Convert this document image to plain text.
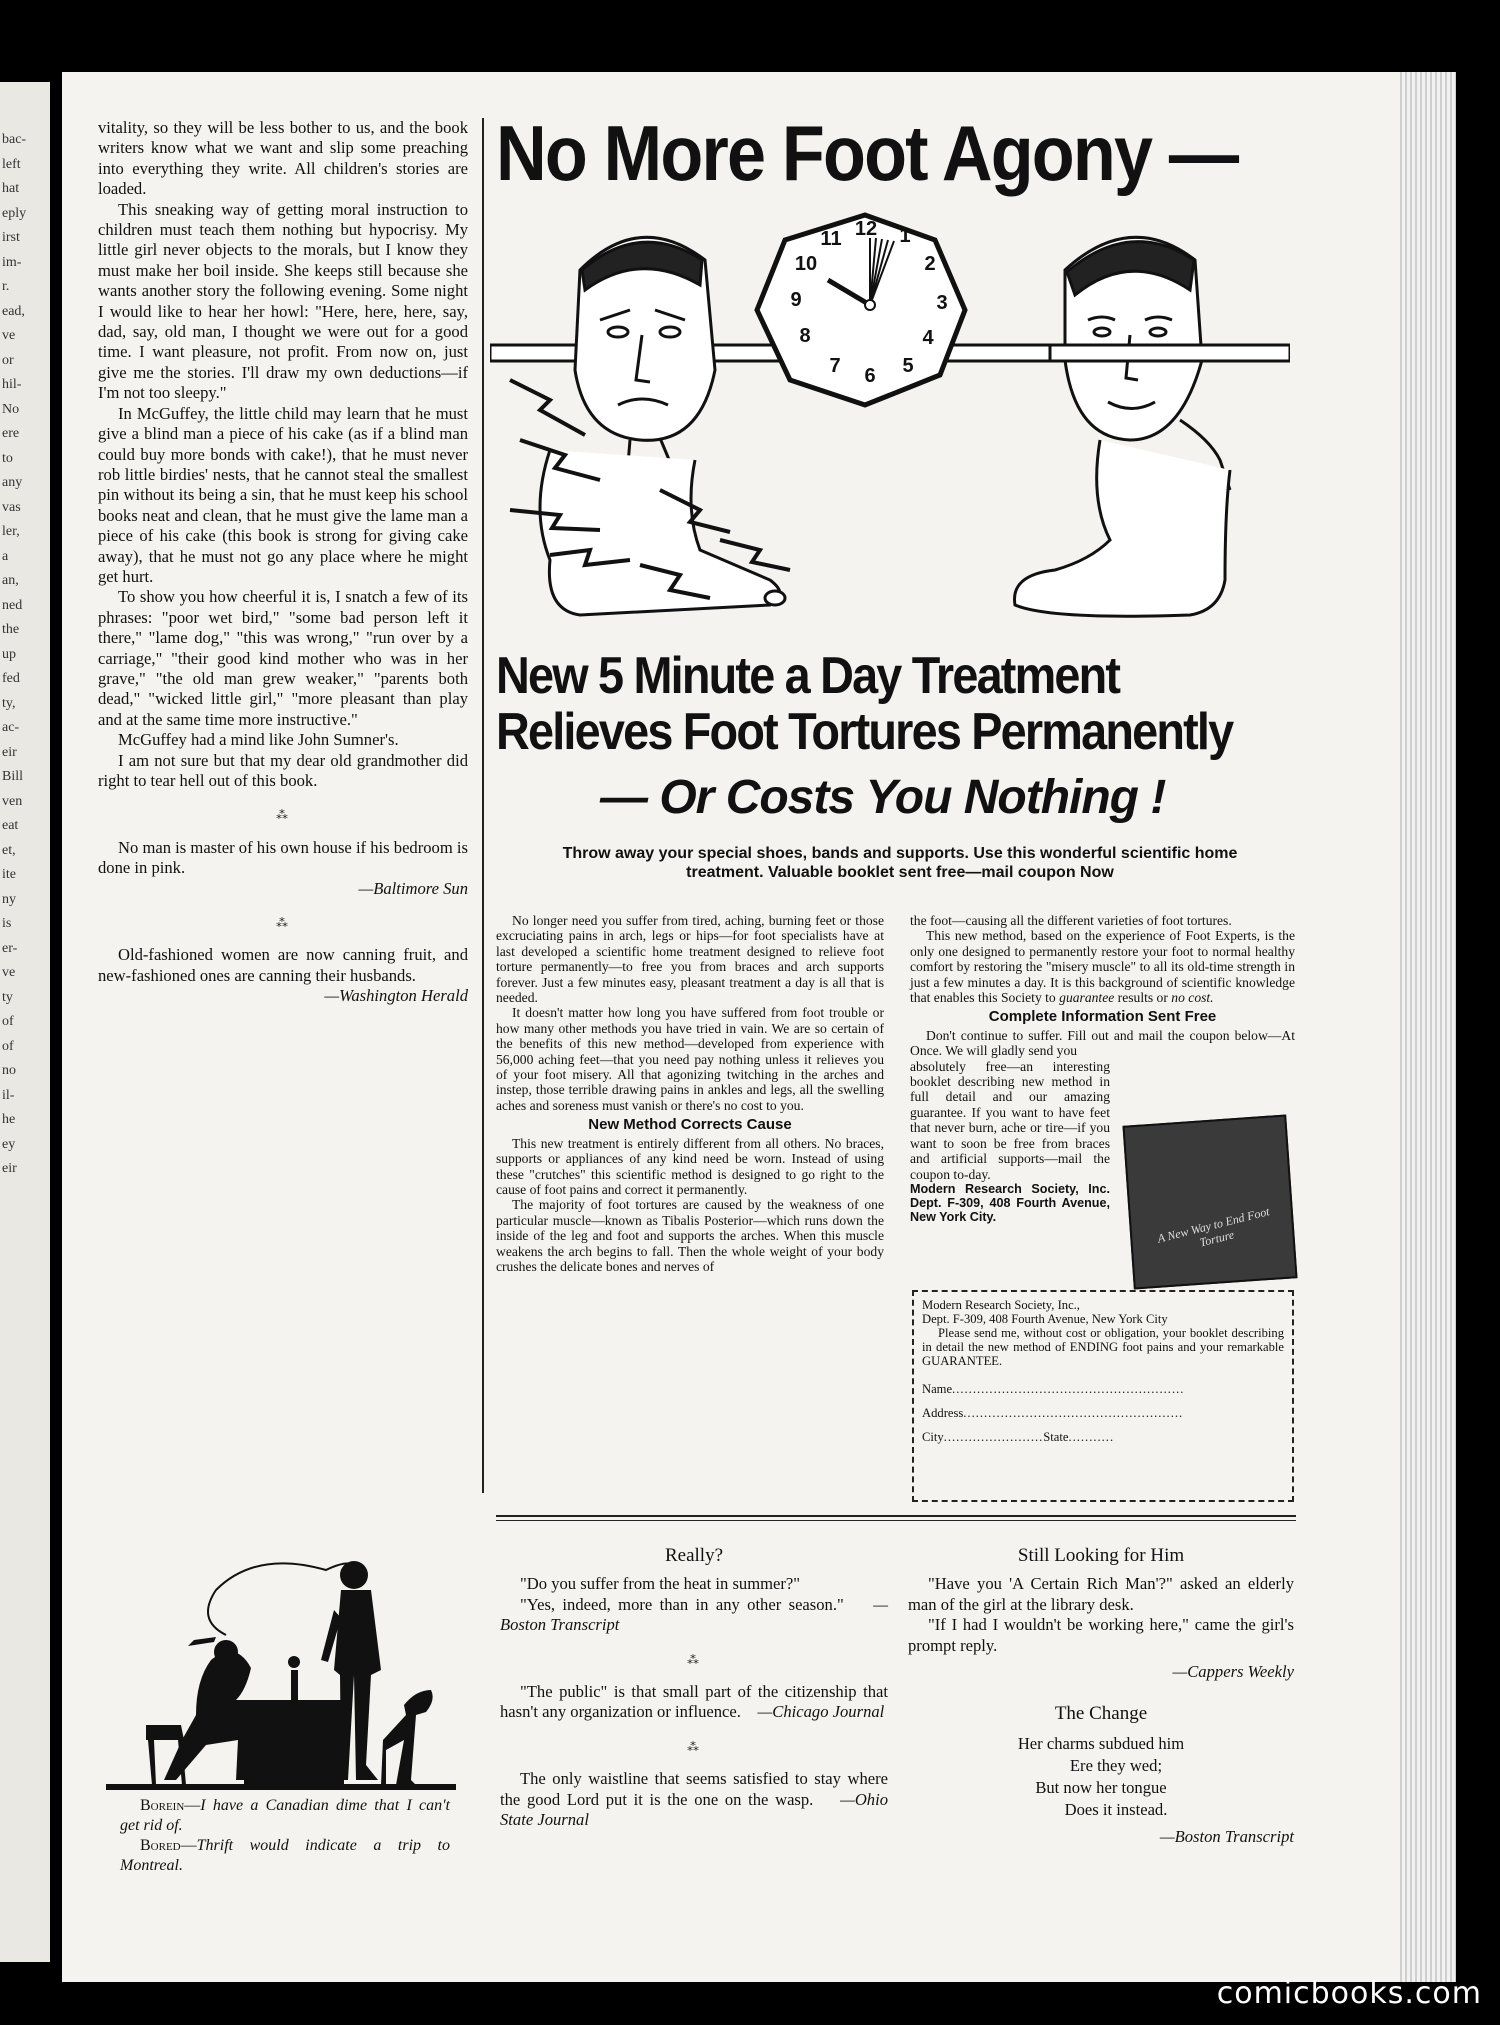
bac-
left
hat
eply
irst
im-
r.
ead,
ve
or
hil-
No
ere
to
any
vas
ler,
a
an,
ned
the
up
fed
ty,
ac-
eir
Bill
ven
eat
et,
ite
ny
is
er-
ve
ty
of
of
no
il-
he
ey
eir

vitality, so they will be less bother to us, and the book writers know what we want and slip some preaching into everything they write. All children's stories are loaded.

This sneaking way of getting moral instruction to children must teach them nothing but hypocrisy. My little girl never objects to the morals, but I know they must make her boil inside. She keeps still because she wants another story the following evening. Some night I would like to hear her howl: "Here, here, here, say, dad, say, old man, I thought we were out for a good time. I want pleasure, not profit. From now on, just give me the stories. I'll draw my own deductions—if I'm not too sleepy."

In McGuffey, the little child may learn that he must give a blind man a piece of his cake (as if a blind man could buy more bonds with cake!), that he must never rob little birdies' nests, that he cannot steal the smallest pin without its being a sin, that he must keep his school books neat and clean, that he must give the lame man a piece of his cake (this book is strong for giving cake away), that he must not go any place where he might get hurt.

To show you how cheerful it is, I snatch a few of its phrases: "poor wet bird," "some bad person left it there," "lame dog," "this was wrong," "run over by a carriage," "their good kind mother who was in her grave," "the old man grew weaker," "parents both dead," "wicked little girl," "more pleasant than play and at the same time more instructive."

McGuffey had a mind like John Sumner's.

I am not sure but that my dear old grandmother did right to tear hell out of this book.

⁂

No man is master of his own house if his bedroom is done in pink.

—Baltimore Sun

⁂

Old-fashioned women are now canning fruit, and new-fashioned ones are canning their husbands.

—Washington Herald

No More Foot Agony —
12 1
2
3
4
5
6
7
8
9
10
11
New 5 Minute a Day Treatment
Relieves Foot Tortures Permanently
— Or Costs You Nothing !
Throw away your special shoes, bands and supports. Use this wonderful scientific home treatment. Valuable booklet sent free—mail coupon Now

No longer need you suffer from tired, aching, burning feet or those excruciating pains in arch, legs or hips—for foot specialists have at last developed a scientific home treatment designed to relieve foot torture permanently—to free you from braces and arch supports forever. Just a few minutes easy, pleasant treatment a day is all that is needed.

It doesn't matter how long you have suffered from foot trouble or how many other methods you have tried in vain. We are so certain of the benefits of this new method—developed from experience with 56,000 aching feet—that you need pay nothing unless it relieves you of your foot misery. All that agonizing twitching in the arches and instep, those terrible drawing pains in ankles and legs, all the swelling aches and soreness must vanish or there's no cost to you.

New Method Corrects Cause

This new treatment is entirely different from all others. No braces, supports or appliances of any kind need be worn. Instead of using these "crutches" this scientific method is designed to go right to the cause of foot pains and correct it permanently.

The majority of foot tortures are caused by the weakness of one particular muscle—known as Tibalis Posterior—which runs down the inside of the leg and foot and supports the arches. When this muscle weakens the arch begins to fall. Then the whole weight of your body crushes the delicate bones and nerves of

the foot—causing all the different varieties of foot tortures.

This new method, based on the experience of Foot Experts, is the only one designed to permanently restore your foot to normal healthy comfort by restoring the "misery muscle" to all its old-time strength in just a few minutes a day. It is this background of scientific knowledge that enables this Society to guarantee results or no cost.

Complete Information Sent Free

Don't continue to suffer. Fill out and mail the coupon below—At Once. We will gladly send you

absolutely free—an interesting booklet describing new method in full detail and our amazing guarantee. If you want to have feet that never burn, ache or tire—if you want to soon be free from braces and artificial supports—mail the coupon to-day.
Modern Research Society, Inc. Dept. F-309, 408 Fourth Avenue, New York City.	A New Way to End Foot Torture

Modern Research Society, Inc.,

Dept. F-309, 408 Fourth Avenue, New York City

Please send me, without cost or obligation, your booklet describing in detail the new method of ENDING foot pains and your remarkable GUARANTEE.

Name........................................................
Address.....................................................
City........................State...........
Borein—I have a Canadian dime that I can't get rid of.
Bored—Thrift would indicate a trip to Montreal.
Really?

"Do you suffer from the heat in summer?"

"Yes, indeed, more than in any other season." —Boston Transcript

⁂

"The public" is that small part of the citizenship that hasn't any organization or influence. —Chicago Journal

⁂

The only waistline that seems satisfied to stay where the good Lord put it is the one on the wasp. —Ohio State Journal

Still Looking for Him

"Have you 'A Certain Rich Man'?" asked an elderly man of the girl at the library desk.

"If I had I wouldn't be working here," came the girl's prompt reply.

—Cappers Weekly
The Change
Her charms subdued him
Ere they wed;
But now her tongue
Does it instead.
—Boston Transcript
comicbooks.com
